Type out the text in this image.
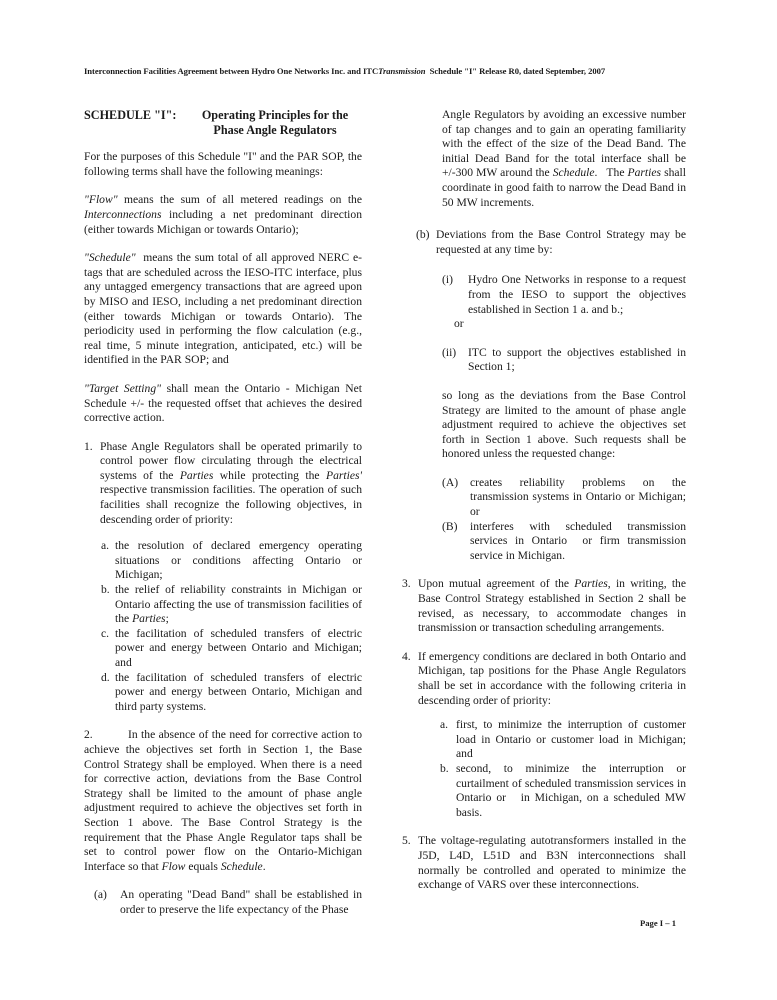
Interconnection Facilities Agreement between Hydro One Networks Inc. and ITCTransmission  Schedule "I" Release R0, dated September, 2007
SCHEDULE "I":	Operating Principles for the
Phase Angle Regulators

For the purposes of this Schedule "I" and the PAR SOP, the following terms shall have the following meanings:

"Flow" means the sum of all metered readings on the Interconnections including a net predominant direction (either towards Michigan or towards Ontario);

"Schedule"  means the sum total of all approved NERC e-tags that are scheduled across the IESO-ITC interface, plus any untagged emergency transactions that are agreed upon by MISO and IESO, including a net predominant direction (either towards Michigan or towards Ontario). The periodicity used in performing the flow calculation (e.g., real time, 5 minute integration, anticipated, etc.) will be identified in the PAR SOP; and

"Target Setting" shall mean the Ontario - Michigan Net Schedule +/- the requested offset that achieves the desired corrective action.

1. Phase Angle Regulators shall be operated primarily to control power flow circulating through the electrical systems of the Parties while protecting the Parties' respective transmission facilities. The operation of such facilities shall recognize the following objectives, in descending order of priority:
a. the resolution of declared emergency operating situations or conditions affecting Ontario or Michigan;
b. the relief of reliability constraints in Michigan or Ontario affecting the use of transmission facilities of the Parties;
c. the facilitation of scheduled transfers of electric power and energy between Ontario and Michigan; and
d. the facilitation of scheduled transfers of electric power and energy between Ontario, Michigan and third party systems.

2.	In the absence of the need for corrective action to achieve the objectives set forth in Section 1, the Base Control Strategy shall be employed. When there is a need for corrective action, deviations from the Base Control Strategy shall be limited to the amount of phase angle adjustment required to achieve the objectives set forth in Section 1 above. The Base Control Strategy is the requirement that the Phase Angle Regulator taps shall be set to control power flow on the Ontario-Michigan Interface so that Flow equals Schedule.

(a)	An operating "Dead Band" shall be established in order to preserve the life expectancy of the Phase

Angle Regulators by avoiding an excessive number of tap changes and to gain an operating familiarity with the effect of the size of the Dead Band. The initial Dead Band for the total interface shall be +/-300 MW around the Schedule.   The Parties shall coordinate in good faith to narrow the Dead Band in 50 MW increments.

(b) Deviations from the Base Control Strategy may be requested at any time by:
(i)	Hydro One Networks in response to a request from the IESO to support the objectives established in Section 1 a. and b.;
or
(ii)	ITC to support the objectives established in Section 1;

so long as the deviations from the Base Control Strategy are limited to the amount of phase angle adjustment required to achieve the objectives set forth in Section 1 above. Such requests shall be honored unless the requested change:

(A)	creates reliability problems on the transmission systems in Ontario or Michigan; or
(B)	interferes with scheduled transmission services in Ontario  or firm transmission service in Michigan.
3. Upon mutual agreement of the Parties, in writing, the Base Control Strategy established in Section 2 shall be revised, as necessary, to accommodate changes in transmission or transaction scheduling arrangements.
4. If emergency conditions are declared in both Ontario and Michigan, tap positions for the Phase Angle Regulators shall be set in accordance with the following criteria in descending order of priority:
a. first, to minimize the interruption of customer load in Ontario or customer load in Michigan; and
b. second, to minimize the interruption or curtailment of scheduled transmission services in Ontario or   in Michigan, on a scheduled MW basis.
5. The voltage-regulating autotransformers installed in the J5D, L4D, L51D and B3N interconnections shall normally be controlled and operated to minimize the exchange of VARS over these interconnections.
Page I – 1
